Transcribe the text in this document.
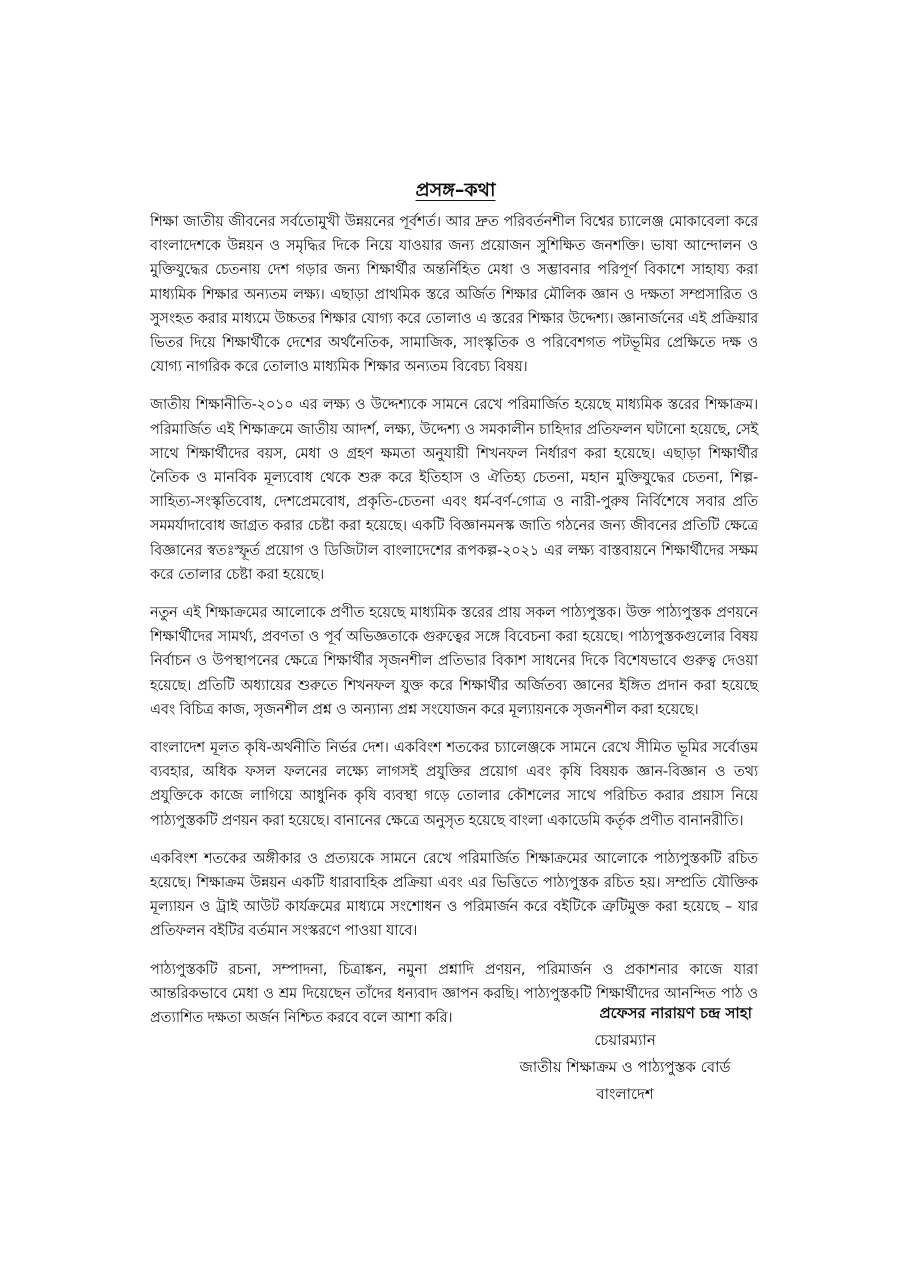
প্রসঙ্গ–কথা

শিক্ষা জাতীয় জীবনের সর্বতোমুখী উন্নয়নের পূর্বশর্ত। আর দ্রুত পরিবর্তনশীল বিশ্বের চ্যালেঞ্জ মোকাবেলা করে বাংলাদেশকে উন্নয়ন ও সমৃদ্ধির দিকে নিয়ে যাওয়ার জন্য প্রয়োজন সুশিক্ষিত জনশক্তি। ভাষা আন্দোলন ও মুক্তিযুদ্ধের চেতনায় দেশ গড়ার জন্য শিক্ষার্থীর অন্তর্নিহিত মেধা ও সম্ভাবনার পরিপূর্ণ বিকাশে সাহায্য করা মাধ্যমিক শিক্ষার অন্যতম লক্ষ্য। এছাড়া প্রাথমিক স্তরে অর্জিত শিক্ষার মৌলিক জ্ঞান ও দক্ষতা সম্প্রসারিত ও সুসংহত করার মাধ্যমে উচ্চতর শিক্ষার যোগ্য করে তোলাও এ স্তরের শিক্ষার উদ্দেশ্য। জ্ঞানার্জনের এই প্রক্রিয়ার ভিতর দিয়ে শিক্ষার্থীকে দেশের অর্থনৈতিক, সামাজিক, সাংস্কৃতিক ও পরিবেশগত পটভূমির প্রেক্ষিতে দক্ষ ও যোগ্য নাগরিক করে তোলাও মাধ্যমিক শিক্ষার অন্যতম বিবেচ্য বিষয়।

জাতীয় শিক্ষানীতি-২০১০ এর লক্ষ্য ও উদ্দেশ্যকে সামনে রেখে পরিমার্জিত হয়েছে মাধ্যমিক স্তরের শিক্ষাক্রম। পরিমার্জিত এই শিক্ষাক্রমে জাতীয় আদর্শ, লক্ষ্য, উদ্দেশ্য ও সমকালীন চাহিদার প্রতিফলন ঘটানো হয়েছে, সেই সাথে শিক্ষার্থীদের বয়স, মেধা ও গ্রহণ ক্ষমতা অনুযায়ী শিখনফল নির্ধারণ করা হয়েছে। এছাড়া শিক্ষার্থীর নৈতিক ও মানবিক মূল্যবোধ থেকে শুরু করে ইতিহাস ও ঐতিহ্য চেতনা, মহান মুক্তিযুদ্ধের চেতনা, শিল্প-সাহিত্য-সংস্কৃতিবোধ, দেশপ্রেমবোধ, প্রকৃতি-চেতনা এবং ধর্ম-বর্ণ-গোত্র ও নারী-পুরুষ নির্বিশেষে সবার প্রতি সমমর্যাদাবোধ জাগ্রত করার চেষ্টা করা হয়েছে। একটি বিজ্ঞানমনস্ক জাতি গঠনের জন্য জীবনের প্রতিটি ক্ষেত্রে বিজ্ঞানের স্বতঃস্ফূর্ত প্রয়োগ ও ডিজিটাল বাংলাদেশের রূপকল্প-২০২১ এর লক্ষ্য বাস্তবায়নে শিক্ষার্থীদের সক্ষম করে তোলার চেষ্টা করা হয়েছে।

নতুন এই শিক্ষাক্রমের আলোকে প্রণীত হয়েছে মাধ্যমিক স্তরের প্রায় সকল পাঠ্যপুস্তক। উক্ত পাঠ্যপুস্তক প্রণয়নে শিক্ষার্থীদের সামর্থ্য, প্রবণতা ও পূর্ব অভিজ্ঞতাকে গুরুত্বের সঙ্গে বিবেচনা করা হয়েছে। পাঠ্যপুস্তকগুলোর বিষয় নির্বাচন ও উপস্থাপনের ক্ষেত্রে শিক্ষার্থীর সৃজনশীল প্রতিভার বিকাশ সাধনের দিকে বিশেষভাবে গুরুত্ব দেওয়া হয়েছে। প্রতিটি অধ্যায়ের শুরুতে শিখনফল যুক্ত করে শিক্ষার্থীর অর্জিতব্য জ্ঞানের ইঙ্গিত প্রদান করা হয়েছে এবং বিচিত্র কাজ, সৃজনশীল প্রশ্ন ও অন্যান্য প্রশ্ন সংযোজন করে মূল্যায়নকে সৃজনশীল করা হয়েছে।

বাংলাদেশ মূলত কৃষি-অর্থনীতি নির্ভর দেশ। একবিংশ শতকের চ্যালেঞ্জকে সামনে রেখে সীমিত ভূমির সর্বোত্তম ব্যবহার, অধিক ফসল ফলনের লক্ষ্যে লাগসই প্রযুক্তির প্রয়োগ এবং কৃষি বিষয়ক জ্ঞান-বিজ্ঞান ও তথ্য প্রযুক্তিকে কাজে লাগিয়ে আধুনিক কৃষি ব্যবস্থা গড়ে তোলার কৌশলের সাথে পরিচিত করার প্রয়াস নিয়ে পাঠ্যপুস্তকটি প্রণয়ন করা হয়েছে। বানানের ক্ষেত্রে অনুসৃত হয়েছে বাংলা একাডেমি কর্তৃক প্রণীত বানানরীতি।

একবিংশ শতকের অঙ্গীকার ও প্রত্যয়কে সামনে রেখে পরিমার্জিত শিক্ষাক্রমের আলোকে পাঠ্যপুস্তকটি রচিত হয়েছে। শিক্ষাক্রম উন্নয়ন একটি ধারাবাহিক প্রক্রিয়া এবং এর ভিত্তিতে পাঠ্যপুস্তক রচিত হয়। সম্প্রতি যৌক্তিক মূল্যায়ন ও ট্রাই আউট কার্যক্রমের মাধ্যমে সংশোধন ও পরিমার্জন করে বইটিকে ত্রুটিমুক্ত করা হয়েছে – যার প্রতিফলন বইটির বর্তমান সংস্করণে পাওয়া যাবে।

পাঠ্যপুস্তকটি রচনা, সম্পাদনা, চিত্রাঙ্কন, নমুনা প্রশ্নাদি প্রণয়ন, পরিমার্জন ও প্রকাশনার কাজে যারা আন্তরিকভাবে মেধা ও শ্রম দিয়েছেন তাঁদের ধন্যবাদ জ্ঞাপন করছি। পাঠ্যপুস্তকটি শিক্ষার্থীদের আনন্দিত পাঠ ও প্রত্যাশিত দক্ষতা অর্জন নিশ্চিত করবে বলে আশা করি।	প্রফেসর নারায়ণ চন্দ্র সাহা
চেয়ারম্যান
জাতীয় শিক্ষাক্রম ও পাঠ্যপুস্তক বোর্ড
বাংলাদেশ
